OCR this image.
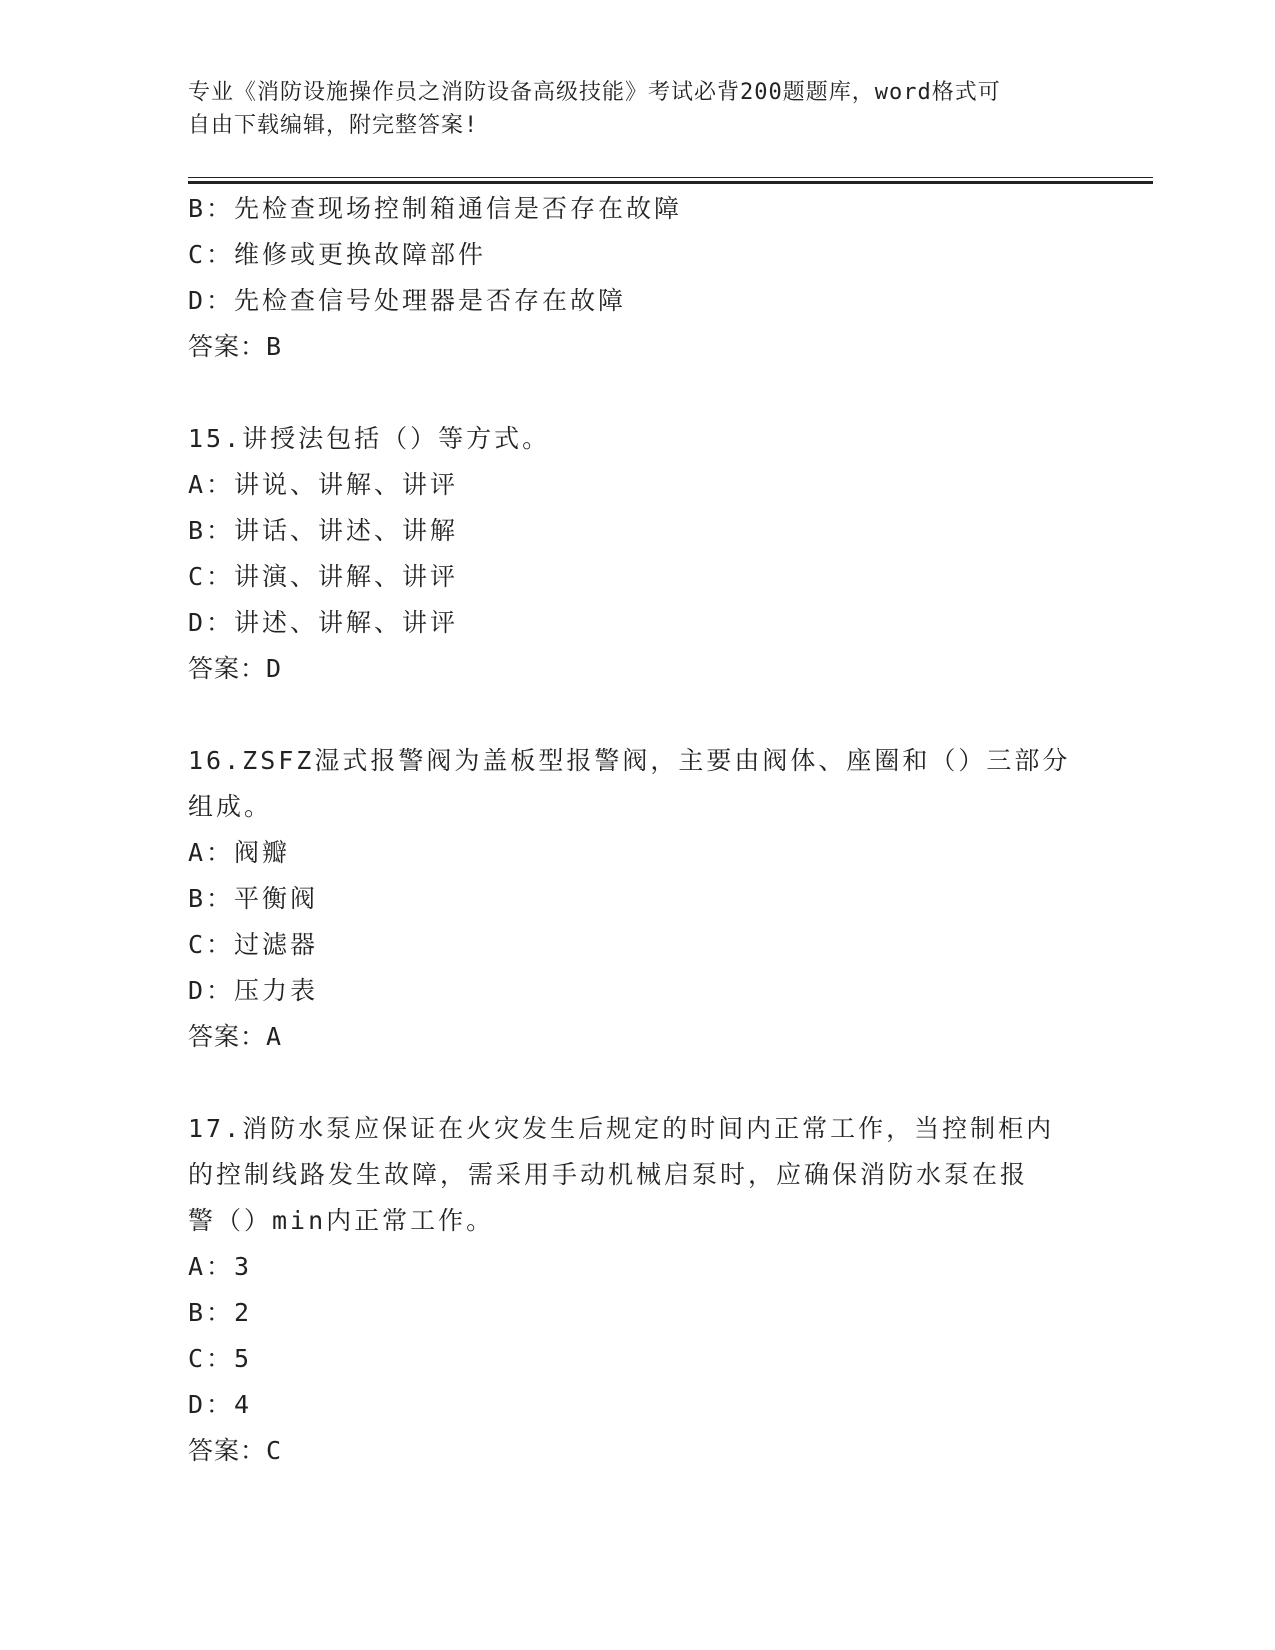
专业《消防设施操作员之消防设备高级技能》考试必背200题题库，word格式可
自由下载编辑，附完整答案!
B：先检查现场控制箱通信是否存在故障
C：维修或更换故障部件
D：先检查信号处理器是否存在故障
答案：B
15.讲授法包括（）等方式。
A：讲说、讲解、讲评
B：讲话、讲述、讲解
C：讲演、讲解、讲评
D：讲述、讲解、讲评
答案：D
16.ZSFZ湿式报警阀为盖板型报警阀，主要由阀体、座圈和（）三部分
组成。
A：阀瓣
B：平衡阀
C：过滤器
D：压力表
答案：A
17.消防水泵应保证在火灾发生后规定的时间内正常工作，当控制柜内
的控制线路发生故障，需采用手动机械启泵时，应确保消防水泵在报
警（）min内正常工作。
A：3
B：2
C：5
D：4
答案：C
